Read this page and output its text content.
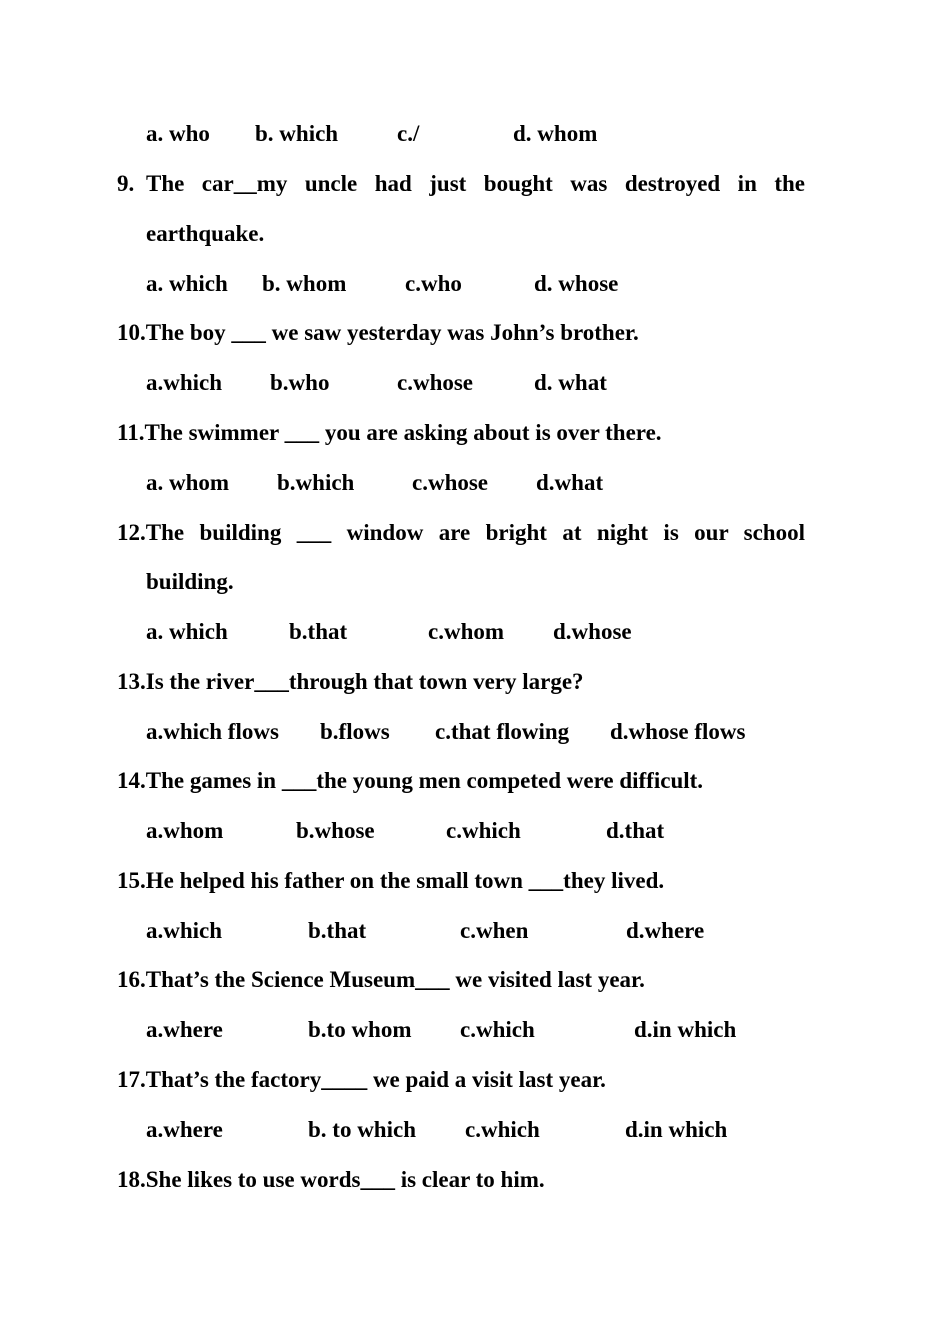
a. who b. which	c./	d. whom
9. The car__my uncle had just bought was destroyed in the
earthquake.
a. which b. whom	c.who	d. whose
10.The boy ___ we saw yesterday was John’s brother.
a.which b.who	c.whose	d. what
11.The swimmer ___ you are asking about is over there.
a. whom b.which	c.whose d.what
12.The building ___ window are bright at night is our school
building.
a. which	b.that	c.whom d.whose
13.Is the river___through that town very large?
a.which flows b.flows c.that flowing d.whose flows
14.The games in ___the young men competed were difficult.
a.whom	b.whose	c.which	d.that
15.He helped his father on the small town ___they lived.
a.which	b.that	c.when	d.where
16.That’s the Science Museum___ we visited last year.
a.where	b.to whom c.which	d.in which
17.That’s the factory____ we paid a visit last year.
a.where	b. to which c.which	d.in which
18.She likes to use words___ is clear to him.
